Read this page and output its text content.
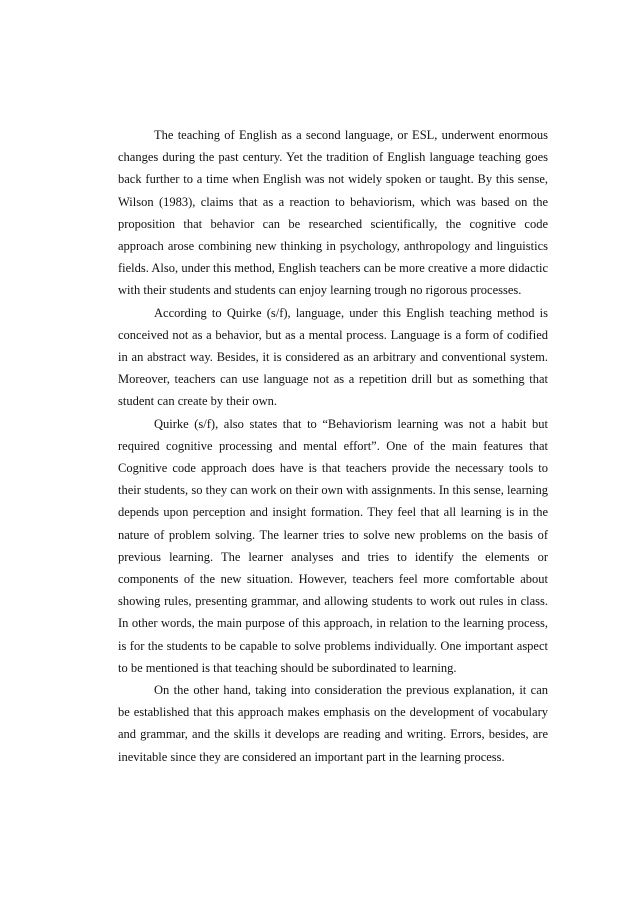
The teaching of English as a second language, or ESL, underwent enormous changes during the past century. Yet the tradition of English language teaching goes back further to a time when English was not widely spoken or taught. By this sense, Wilson (1983), claims that as a reaction to behaviorism, which was based on the proposition that behavior can be researched scientifically, the cognitive code approach arose combining new thinking in psychology, anthropology and linguistics fields. Also, under this method, English teachers can be more creative a more didactic with their students and students can enjoy learning trough no rigorous processes.

According to Quirke (s/f), language, under this English teaching method is conceived not as a behavior, but as a mental process. Language is a form of codified in an abstract way. Besides, it is considered as an arbitrary and conventional system. Moreover, teachers can use language not as a repetition drill but as something that student can create by their own.

Quirke (s/f), also states that to “Behaviorism learning was not a habit but required cognitive processing and mental effort”. One of the main features that Cognitive code approach does have is that teachers provide the necessary tools to their students, so they can work on their own with assignments. In this sense, learning depends upon perception and insight formation. They feel that all learning is in the nature of problem solving. The learner tries to solve new problems on the basis of previous learning. The learner analyses and tries to identify the elements or components of the new situation. However, teachers feel more comfortable about showing rules, presenting grammar, and allowing students to work out rules in class. In other words, the main purpose of this approach, in relation to the learning process, is for the students to be capable to solve problems individually. One important aspect to be mentioned is that teaching should be subordinated to learning.

On the other hand, taking into consideration the previous explanation, it can be established that this approach makes emphasis on the development of vocabulary and grammar, and the skills it develops are reading and writing. Errors, besides, are inevitable since they are considered an important part in the learning process.
